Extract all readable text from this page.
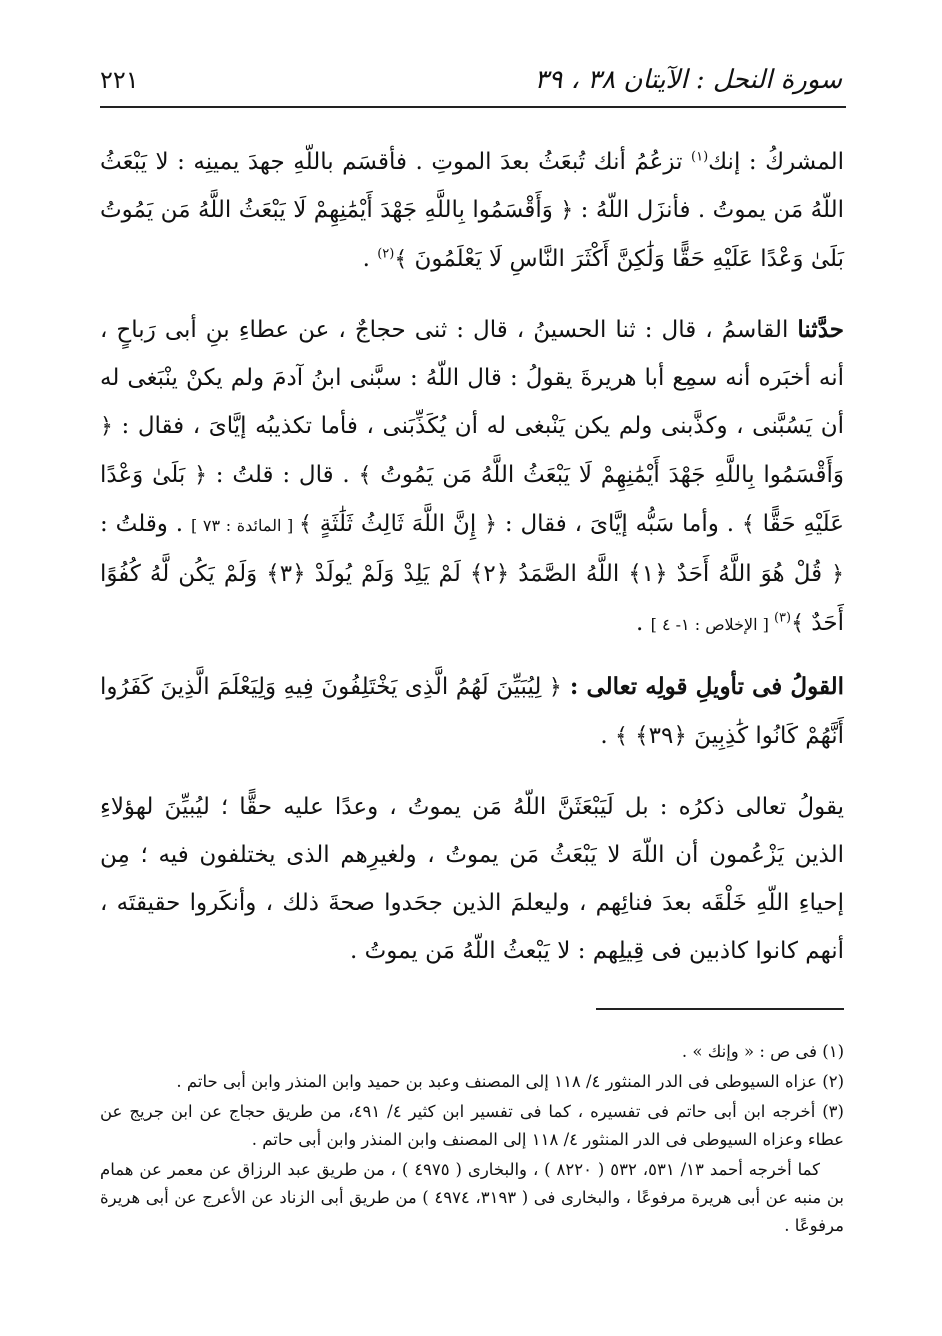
سورة النحل : الآيتان ٣٨ ، ٣٩
٢٢١

المشركُ : إنك$^{(١)}$ تزعُمُ أنك تُبعَثُ بعدَ الموتِ . فأقسَم باللّهِ جهدَ يمينِه : لا يَبْعَثُ اللّهُ مَن يموتُ . فأنزَل اللّهُ : ﴿ وَأَقْسَمُوا بِاللَّهِ جَهْدَ أَيْمَٰنِهِمْ لَا يَبْعَثُ اللَّهُ مَن يَمُوتُ بَلَىٰ وَعْدًا عَلَيْهِ حَقًّا وَلَٰكِنَّ أَكْثَرَ النَّاسِ لَا يَعْلَمُونَ ﴾$^{(٢)}$ .

حدَّثنا القاسمُ ، قال : ثنا الحسينُ ، قال : ثنى حجاجٌ ، عن عطاءِ بنِ أبى رَباحٍ ، أنه أخبَره أنه سمِع أبا هريرةَ يقولُ : قال اللّهُ : سبَّنى ابنُ آدمَ ولم يكنْ ينْبَغى له أن يَسُبَّنى ، وكذَّبنى ولم يكن يَنْبغى له أن يُكَذِّبَنى ، فأما تكذيبُه إيَّاىَ ، فقال : ﴿ وَأَقْسَمُوا بِاللَّهِ جَهْدَ أَيْمَٰنِهِمْ لَا يَبْعَثُ اللَّهُ مَن يَمُوتُ ﴾ . قال : قلتُ : ﴿ بَلَىٰ وَعْدًا عَلَيْهِ حَقًّا ﴾ . وأما سَبُّه إيَّاىَ ، فقال : ﴿ إِنَّ اللَّهَ ثَالِثُ ثَلَٰثَةٍ ﴾ [ المائدة : ٧٣ ] . وقلتُ : ﴿ قُلْ هُوَ اللَّهُ أَحَدٌ ﴿١﴾ اللَّهُ الصَّمَدُ ﴿٢﴾ لَمْ يَلِدْ وَلَمْ يُولَدْ ﴿٣﴾ وَلَمْ يَكُن لَّهُ كُفُوًا أَحَدٌ ﴾$^{(٣)}$ [ الإخلاص : ١- ٤ ] .

القولُ فى تأويلِ قولِه تعالى : ﴿ لِيُبَيِّنَ لَهُمُ الَّذِى يَخْتَلِفُونَ فِيهِ وَلِيَعْلَمَ الَّذِينَ كَفَرُوا أَنَّهُمْ كَانُوا كَٰذِبِينَ ﴿٣٩﴾ ﴾ .

يقولُ تعالى ذكرُه : بل لَيَبْعَثَنَّ اللّهُ مَن يموتُ ، وعدًا عليه حقًّا ؛ ليُبيِّنَ لهؤلاءِ الذين يَزْعُمون أن اللّهَ لا يَبْعَثُ مَن يموتُ ، ولغيرِهم الذى يختلفون فيه ؛ مِن إحياءِ اللّهِ خَلْقَه بعدَ فنائِهم ، وليعلمَ الذين جحَدوا صحةَ ذلك ، وأنكَروا حقيقتَه ، أنهم كانوا كاذبين فى قِيلِهم : لا يَبْعثُ اللّهُ مَن يموتُ .

(١) فى ص : « وإنك » .

(٢) عزاه السيوطى فى الدر المنثور ٤/ ١١٨ إلى المصنف وعبد بن حميد وابن المنذر وابن أبى حاتم .

(٣) أخرجه ابن أبى حاتم فى تفسيره ، كما فى تفسير ابن كثير ٤/ ٤٩١، من طريق حجاج عن ابن جريج عن عطاء وعزاه السيوطى فى الدر المنثور ٤/ ١١٨ إلى المصنف وابن المنذر وابن أبى حاتم .

كما أخرجه أحمد ١٣/ ٥٣١، ٥٣٢ ( ٨٢٢٠ ) ، والبخارى ( ٤٩٧٥ ) ، من طريق عبد الرزاق عن معمر عن همام بن منبه عن أبى هريرة مرفوعًا ، والبخارى فى ( ٣١٩٣، ٤٩٧٤ ) من طريق أبى الزناد عن الأعرج عن أبى هريرة مرفوعًا .
